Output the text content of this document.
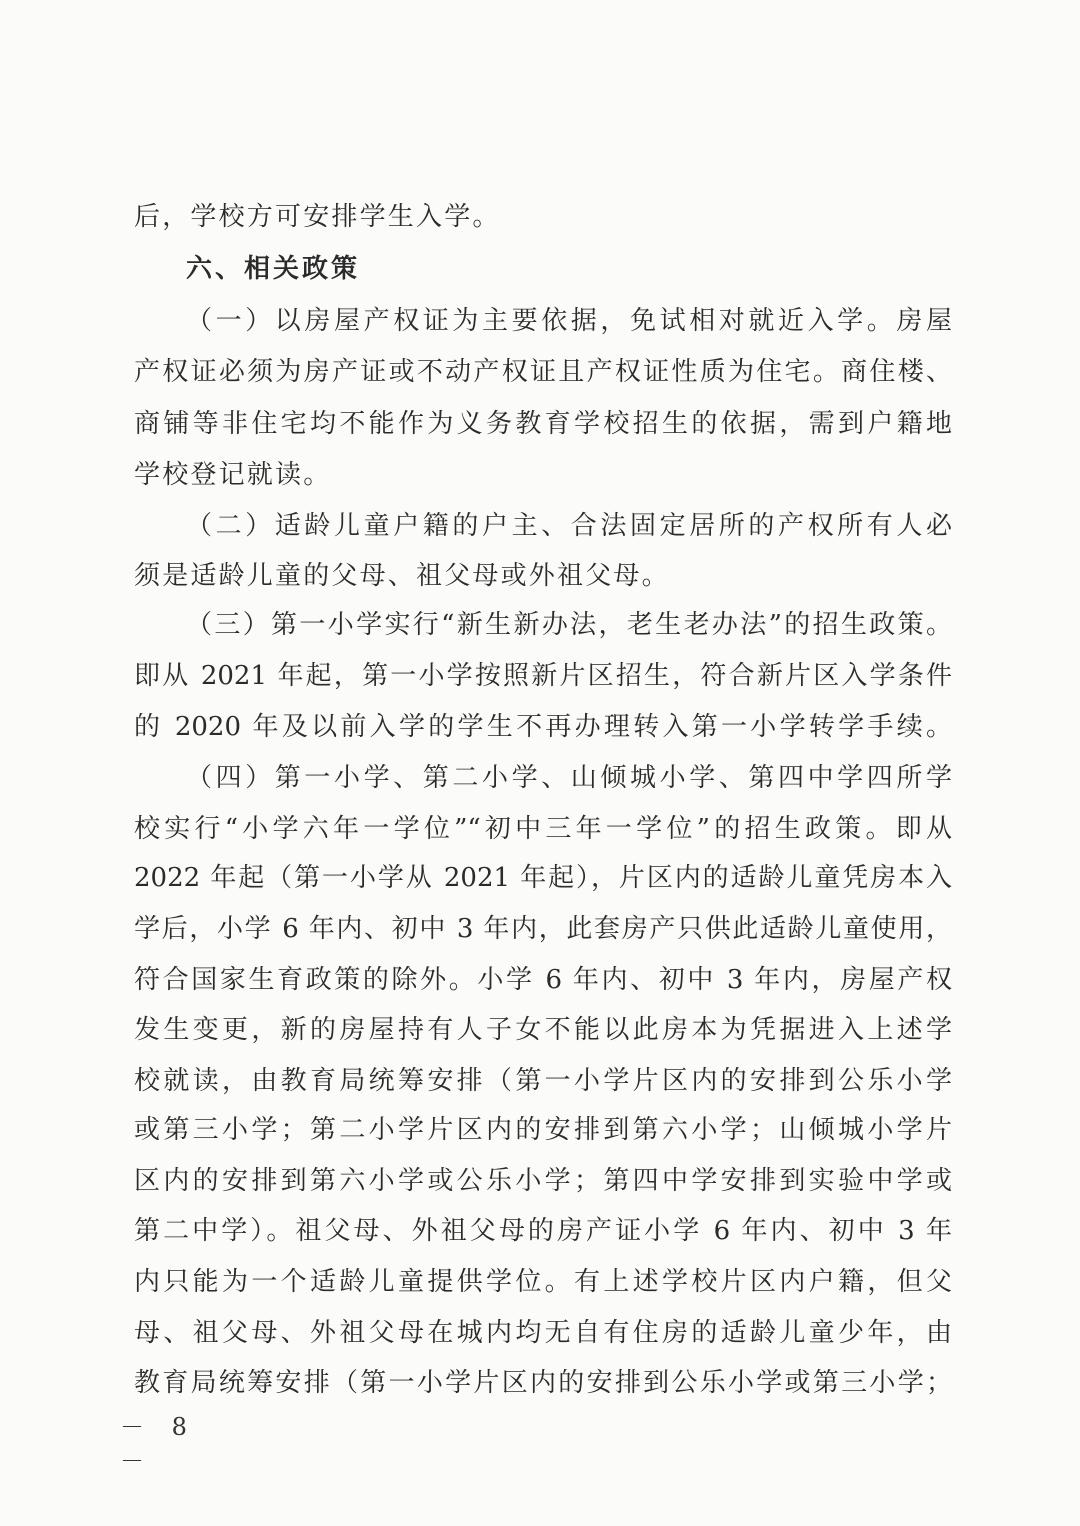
后，学校方可安排学生入学。
六、相关政策
（一）以房屋产权证为主要依据，免试相对就近入学。房屋
产权证必须为房产证或不动产权证且产权证性质为住宅。商住楼、
商铺等非住宅均不能作为义务教育学校招生的依据，需到户籍地
学校登记就读。
（二）适龄儿童户籍的户主、合法固定居所的产权所有人必
须是适龄儿童的父母、祖父母或外祖父母。
（三）第一小学实行“新生新办法，老生老办法”的招生政策。
即从 2021 年起，第一小学按照新片区招生，符合新片区入学条件
的 2020 年及以前入学的学生不再办理转入第一小学转学手续。
（四）第一小学、第二小学、山倾城小学、第四中学四所学
校实行“小学六年一学位”“初中三年一学位”的招生政策。即从
2022 年起（第一小学从 2021 年起），片区内的适龄儿童凭房本入
学后，小学 6 年内、初中 3 年内，此套房产只供此适龄儿童使用，
符合国家生育政策的除外。小学 6 年内、初中 3 年内，房屋产权
发生变更，新的房屋持有人子女不能以此房本为凭据进入上述学
校就读，由教育局统筹安排（第一小学片区内的安排到公乐小学
或第三小学；第二小学片区内的安排到第六小学；山倾城小学片
区内的安排到第六小学或公乐小学；第四中学安排到实验中学或
第二中学）。祖父母、外祖父母的房产证小学 6 年内、初中 3 年
内只能为一个适龄儿童提供学位。有上述学校片区内户籍，但父
母、祖父母、外祖父母在城内均无自有住房的适龄儿童少年，由
教育局统筹安排（第一小学片区内的安排到公乐小学或第三小学；
－ 8 －
